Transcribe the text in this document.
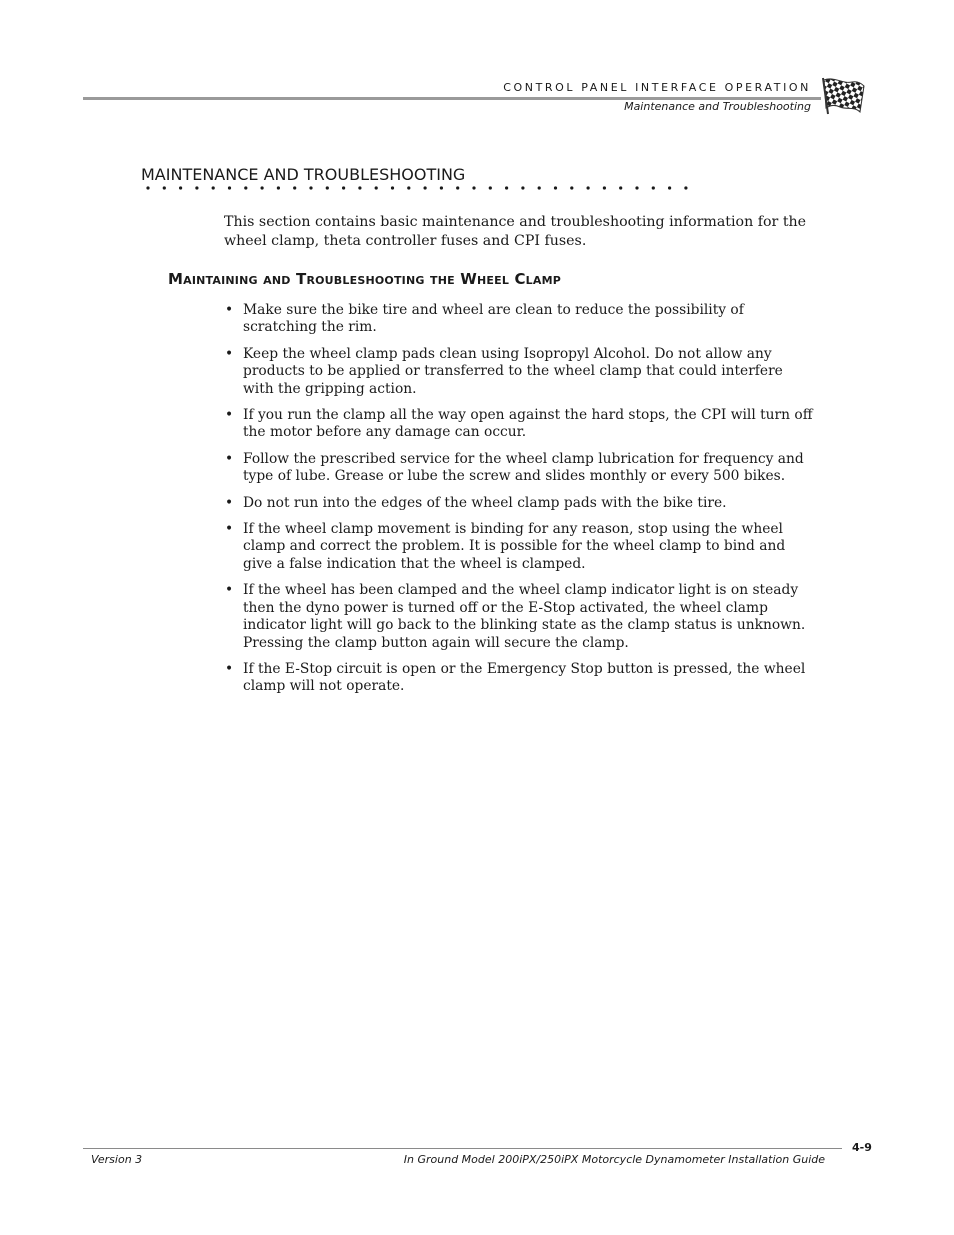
CONTROL PANEL INTERFACE OPERATION
Maintenance and Troubleshooting
MAINTENANCE AND TROUBLESHOOTING

This section contains basic maintenance and troubleshooting information for the wheel clamp, theta controller fuses and CPI fuses.

Maintaining and Troubleshooting the Wheel Clamp
• Make sure the bike tire and wheel are clean to reduce the possibility of scratching the rim.
• Keep the wheel clamp pads clean using Isopropyl Alcohol. Do not allow any products to be applied or transferred to the wheel clamp that could interfere with the gripping action.
• If you run the clamp all the way open against the hard stops, the CPI will turn off the motor before any damage can occur.
• Follow the prescribed service for the wheel clamp lubrication for frequency and type of lube. Grease or lube the screw and slides monthly or every 500 bikes.
• Do not run into the edges of the wheel clamp pads with the bike tire.
• If the wheel clamp movement is binding for any reason, stop using the wheel clamp and correct the problem. It is possible for the wheel clamp to bind and give a false indication that the wheel is clamped.
• If the wheel has been clamped and the wheel clamp indicator light is on steady then the dyno power is turned off or the E-Stop activated, the wheel clamp indicator light will go back to the blinking state as the clamp status is unknown. Pressing the clamp button again will secure the clamp.
• If the E-Stop circuit is open or the Emergency Stop button is pressed, the wheel clamp will not operate.
4-9
Version 3	In Ground Model 200iPX/250iPX Motorcycle Dynamometer Installation Guide
